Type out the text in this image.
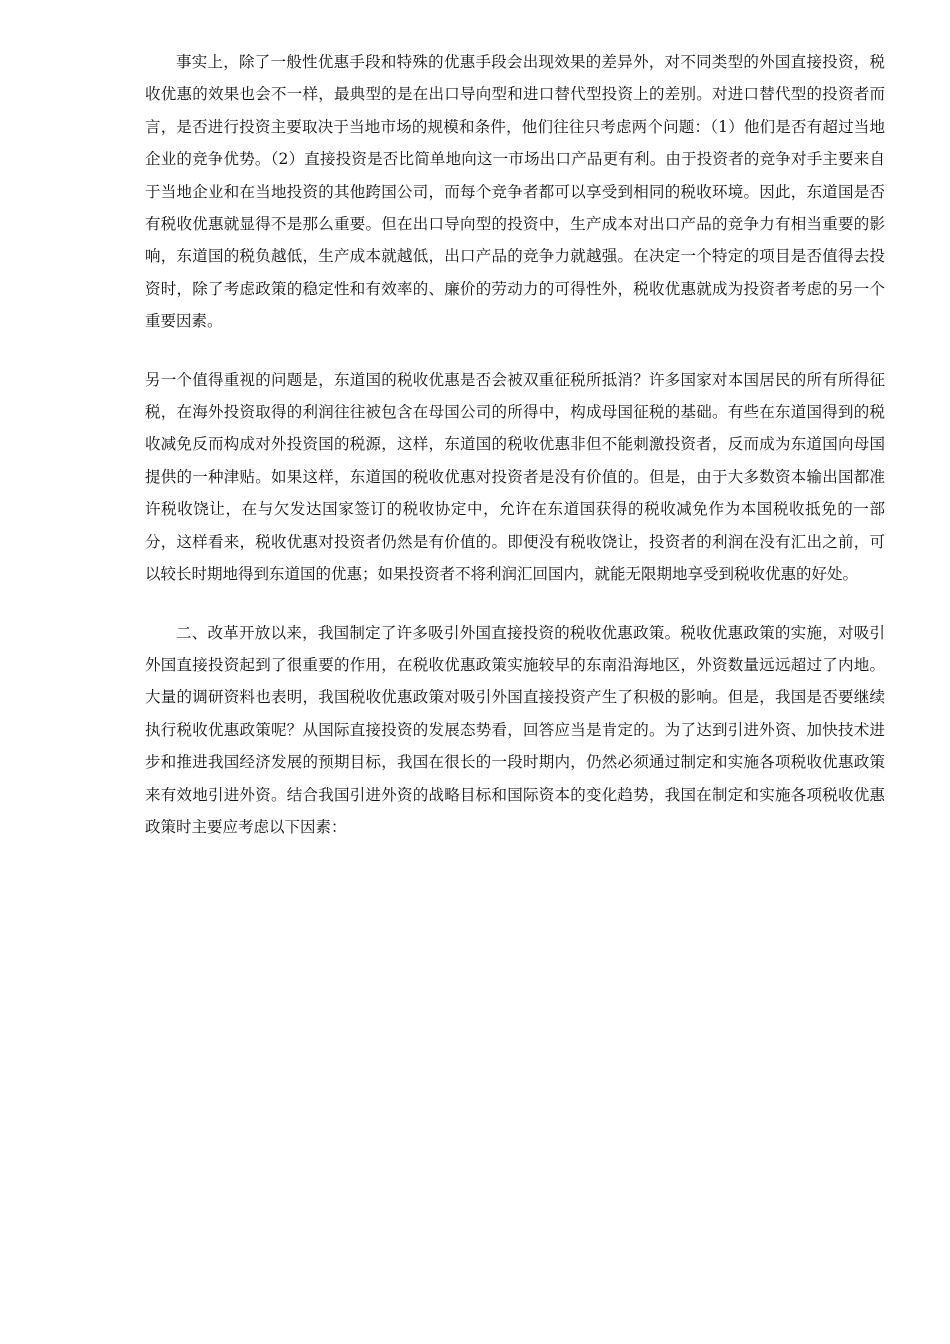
事实上，除了一般性优惠手段和特殊的优惠手段会出现效果的差异外，对不同类型的外国直接投资，税收优惠的效果也会不一样，最典型的是在出口导向型和进口替代型投资上的差别。对进口替代型的投资者而言，是否进行投资主要取决于当地市场的规模和条件，他们往往只考虑两个问题：（1）他们是否有超过当地企业的竞争优势。（2）直接投资是否比简单地向这一市场出口产品更有利。由于投资者的竞争对手主要来自于当地企业和在当地投资的其他跨国公司，而每个竞争者都可以享受到相同的税收环境。因此，东道国是否有税收优惠就显得不是那么重要。但在出口导向型的投资中，生产成本对出口产品的竞争力有相当重要的影响，东道国的税负越低，生产成本就越低，出口产品的竞争力就越强。在决定一个特定的项目是否值得去投资时，除了考虑政策的稳定性和有效率的、廉价的劳动力的可得性外，税收优惠就成为投资者考虑的另一个重要因素。

另一个值得重视的问题是，东道国的税收优惠是否会被双重征税所抵消？许多国家对本国居民的所有所得征税，在海外投资取得的利润往往被包含在母国公司的所得中，构成母国征税的基础。有些在东道国得到的税收减免反而构成对外投资国的税源，这样，东道国的税收优惠非但不能刺激投资者，反而成为东道国向母国提供的一种津贴。如果这样，东道国的税收优惠对投资者是没有价值的。但是，由于大多数资本输出国都准许税收饶让，在与欠发达国家签订的税收协定中，允许在东道国获得的税收减免作为本国税收抵免的一部分，这样看来，税收优惠对投资者仍然是有价值的。即便没有税收饶让，投资者的利润在没有汇出之前，可以较长时期地得到东道国的优惠；如果投资者不将利润汇回国内，就能无限期地享受到税收优惠的好处。

二、改革开放以来，我国制定了许多吸引外国直接投资的税收优惠政策。税收优惠政策的实施，对吸引外国直接投资起到了很重要的作用，在税收优惠政策实施较早的东南沿海地区，外资数量远远超过了内地。大量的调研资料也表明，我国税收优惠政策对吸引外国直接投资产生了积极的影响。但是，我国是否要继续执行税收优惠政策呢？从国际直接投资的发展态势看，回答应当是肯定的。为了达到引进外资、加快技术进步和推进我国经济发展的预期目标，我国在很长的一段时期内，仍然必须通过制定和实施各项税收优惠政策来有效地引进外资。结合我国引进外资的战略目标和国际资本的变化趋势，我国在制定和实施各项税收优惠政策时主要应考虑以下因素：
